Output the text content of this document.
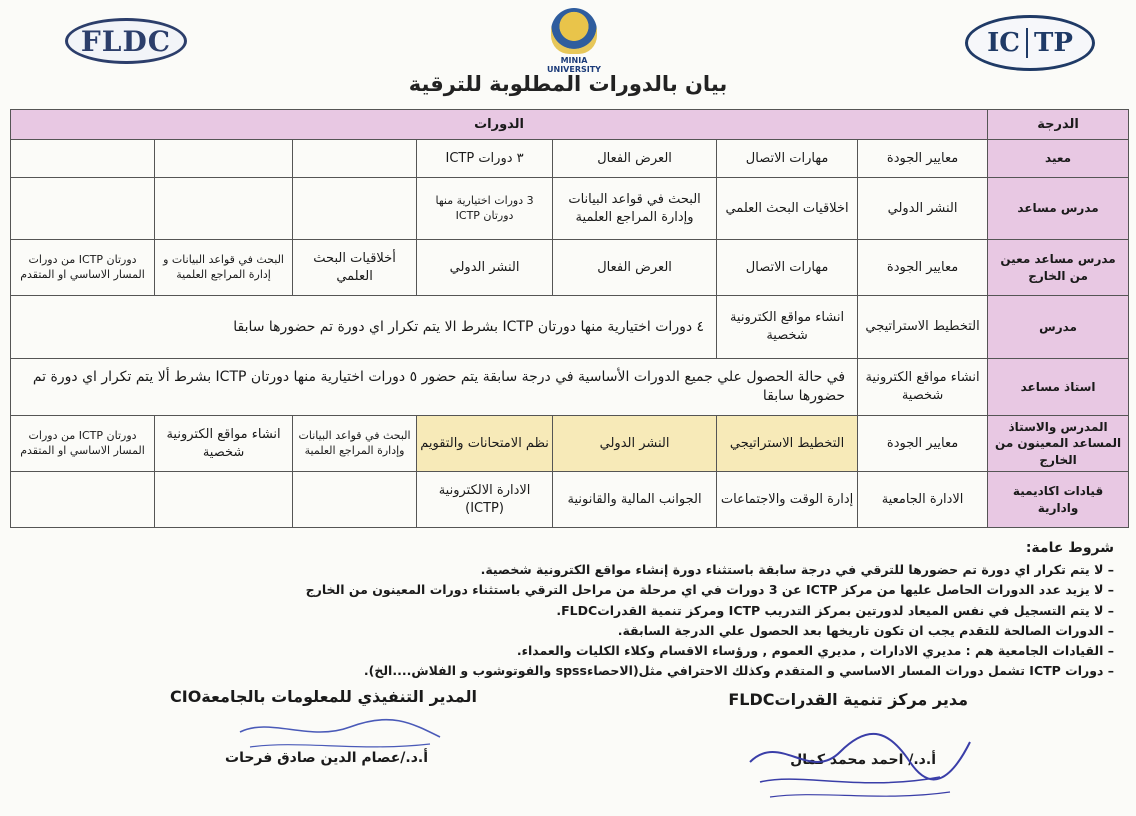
FLDC
MINIA UNIVERSITY
IC TP
بيان بالدورات المطلوبة للترقية
الدرجة	الدورات						
معيد	معايير الجودة	مهارات الاتصال	العرض الفعال	٣ دورات ICTP			
مدرس مساعد	النشر الدولي	اخلاقيات البحث العلمي	البحث في قواعد البيانات وإدارة المراجع العلمية	3 دورات اختيارية منها دورتان ICTP			
مدرس مساعد معين من الخارج	معايير الجودة	مهارات الاتصال	العرض الفعال	النشر الدولي	أخلاقيات البحث العلمي	البحث في قواعد البيانات و إدارة المراجع العلمية	دورتان ICTP من دورات المسار الاساسي او المتقدم
مدرس	التخطيط الاستراتيجي	انشاء مواقع الكترونية شخصية	٤ دورات اختيارية منها دورتان ICTP بشرط الا يتم تكرار اي دورة تم حضورها سابقا				
استاذ مساعد	انشاء مواقع الكترونية شخصية	في حالة الحصول علي جميع الدورات الأساسية في درجة سابقة يتم حضور ٥ دورات اختيارية منها دورتان ICTP بشرط ألا يتم تكرار اي دورة تم حضورها سابقا					
المدرس والاستاذ المساعد المعينون من الخارج	معايير الجودة	التخطيط الاستراتيجي	النشر الدولي	نظم الامتحانات والتقويم	البحث في قواعد البيانات وإدارة المراجع العلمية	انشاء مواقع الكترونية شخصية	دورتان ICTP من دورات المسار الاساسي او المتقدم
قيادات اكاديمية وادارية	الادارة الجامعية	إدارة الوقت والاجتماعات	الجوانب المالية والقانونية	الادارة الالكترونية (ICTP)			
شروط عامة:
– لا يتم تكرار اي دورة تم حضورها للترقي في درجة سابقة باستثناء دورة إنشاء مواقع الكترونية شخصية.
– لا يزيد عدد الدورات الحاصل عليها من مركز ICTP عن 3 دورات في اي مرحلة من مراحل الترقي باستثناء دورات المعينون من الخارج
– لا يتم التسجيل في نفس الميعاد لدورتين بمركز التدريب ICTP ومركز تنمية القدراتFLDC.
– الدورات الصالحة للتقدم يجب ان تكون تاريخها بعد الحصول علي الدرجة السابقة.
– القيادات الجامعية هم : مديري الادارات , مديري العموم , ورؤساء الاقسام وكلاء الكليات والعمداء.
– دورات ICTP تشمل دورات المسار الاساسي و المتقدم وكذلك الاحترافي مثل(الاحصاءspss والفوتوشوب و الفلاش....الخ).
مدير مركز تنمية القدراتFLDC
أ.د./ احمد محمد كمال
المدير التنفيذي للمعلومات بالجامعةCIO
أ.د./عصام الدين صادق فرحات
